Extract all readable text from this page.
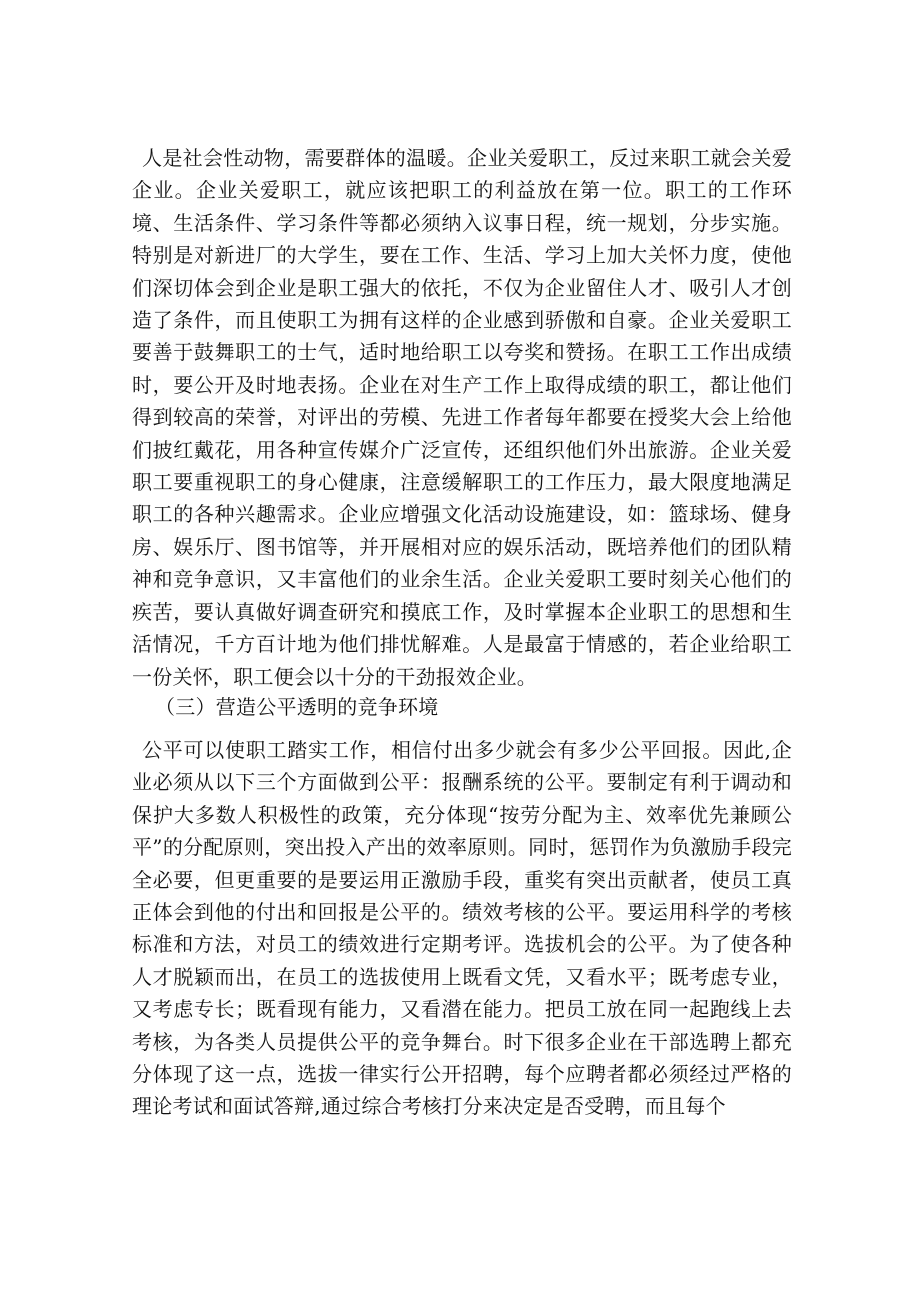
人是社会性动物，需要群体的温暖。企业关爱职工，反过来职工就会关爱企业。企业关爱职工，就应该把职工的利益放在第一位。职工的工作环境、生活条件、学习条件等都必须纳入议事日程，统一规划，分步实施。特别是对新进厂的大学生，要在工作、生活、学习上加大关怀力度，使他们深切体会到企业是职工强大的依托，不仅为企业留住人才、吸引人才创造了条件，而且使职工为拥有这样的企业感到骄傲和自豪。企业关爱职工要善于鼓舞职工的士气，适时地给职工以夸奖和赞扬。在职工工作出成绩时，要公开及时地表扬。企业在对生产工作上取得成绩的职工，都让他们得到较高的荣誉，对评出的劳模、先进工作者每年都要在授奖大会上给他们披红戴花，用各种宣传媒介广泛宣传，还组织他们外出旅游。企业关爱职工要重视职工的身心健康，注意缓解职工的工作压力，最大限度地满足职工的各种兴趣需求。企业应增强文化活动设施建设，如：篮球场、健身房、娱乐厅、图书馆等，并开展相对应的娱乐活动，既培养他们的团队精神和竞争意识，又丰富他们的业余生活。企业关爱职工要时刻关心他们的疾苦，要认真做好调查研究和摸底工作，及时掌握本企业职工的思想和生活情况，千方百计地为他们排忧解难。人是最富于情感的，若企业给职工一份关怀，职工便会以十分的干劲报效企业。

（三）营造公平透明的竞争环境

公平可以使职工踏实工作，相信付出多少就会有多少公平回报。因此,企业必须从以下三个方面做到公平：报酬系统的公平。要制定有利于调动和保护大多数人积极性的政策，充分体现“按劳分配为主、效率优先兼顾公平”的分配原则，突出投入产出的效率原则。同时，惩罚作为负激励手段完全必要，但更重要的是要运用正激励手段，重奖有突出贡献者，使员工真正体会到他的付出和回报是公平的。绩效考核的公平。要运用科学的考核标准和方法，对员工的绩效进行定期考评。选拔机会的公平。为了使各种人才脱颖而出，在员工的选拔使用上既看文凭，又看水平；既考虑专业，又考虑专长；既看现有能力，又看潜在能力。把员工放在同一起跑线上去考核，为各类人员提供公平的竞争舞台。时下很多企业在干部选聘上都充分体现了这一点，选拔一律实行公开招聘，每个应聘者都必须经过严格的理论考试和面试答辩,通过综合考核打分来决定是否受聘，而且每个
